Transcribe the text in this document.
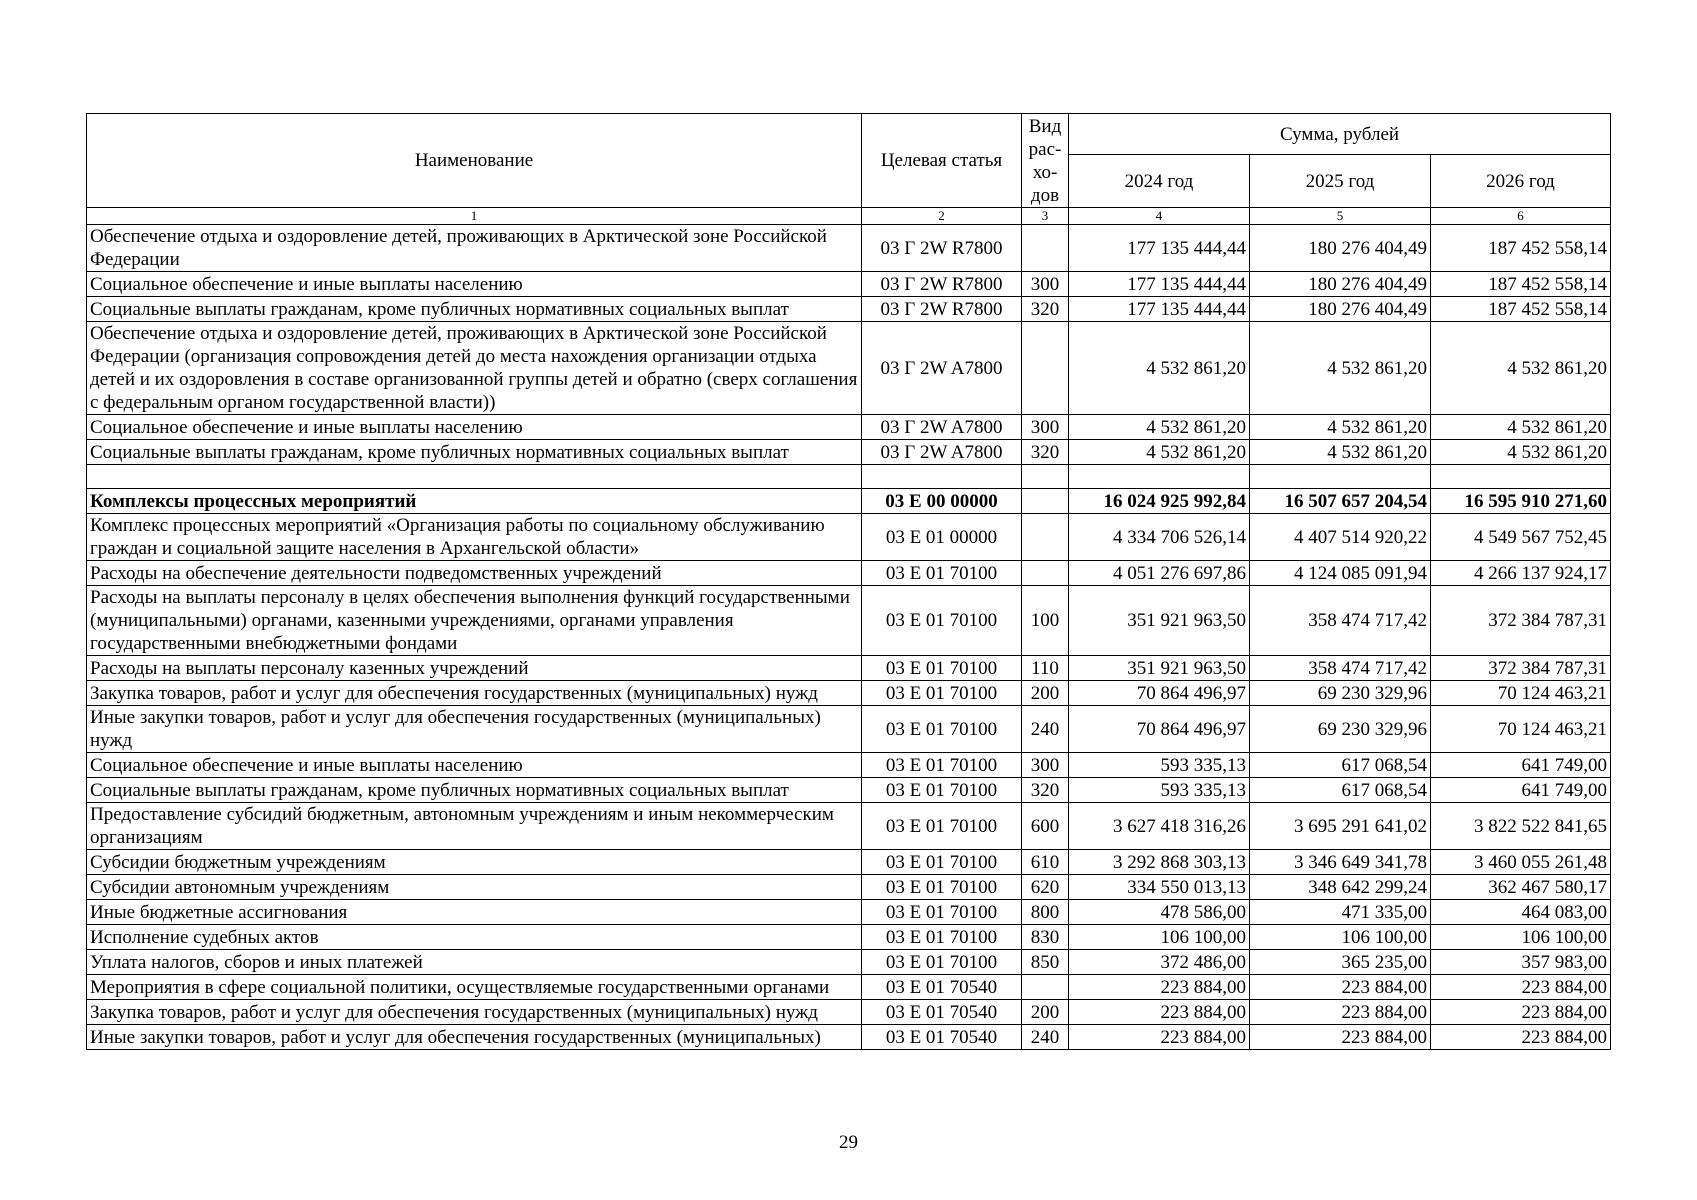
Наименование	Целевая статья	Вид рас-хо-дов	Сумма, рублей		
			2024 год	2025 год	2026 год
1	2	3	4	5	6
Обеспечение отдыха и оздоровление детей, проживающих в Арктической зоне Российской Федерации	03 Г 2W R7800		177 135 444,44	180 276 404,49	187 452 558,14
Социальное обеспечение и иные выплаты населению	03 Г 2W R7800	300	177 135 444,44	180 276 404,49	187 452 558,14
Социальные выплаты гражданам, кроме публичных нормативных социальных выплат	03 Г 2W R7800	320	177 135 444,44	180 276 404,49	187 452 558,14
Обеспечение отдыха и оздоровление детей, проживающих в Арктической зоне Российской Федерации (организация сопровождения детей до места нахождения организации отдыха детей и их оздоровления в составе организованной группы детей и обратно (сверх соглашения с федеральным органом государственной власти))	03 Г 2W A7800		4 532 861,20	4 532 861,20	4 532 861,20
Социальное обеспечение и иные выплаты населению	03 Г 2W A7800	300	4 532 861,20	4 532 861,20	4 532 861,20
Социальные выплаты гражданам, кроме публичных нормативных социальных выплат	03 Г 2W A7800	320	4 532 861,20	4 532 861,20	4 532 861,20

Комплексы процессных мероприятий	03 Е 00 00000		16 024 925 992,84	16 507 657 204,54	16 595 910 271,60
Комплекс процессных мероприятий «Организация работы по социальному обслуживанию граждан и социальной защите населения в Архангельской области»	03 Е 01 00000		4 334 706 526,14	4 407 514 920,22	4 549 567 752,45
Расходы на обеспечение деятельности подведомственных учреждений	03 Е 01 70100		4 051 276 697,86	4 124 085 091,94	4 266 137 924,17
Расходы на выплаты персоналу в целях обеспечения выполнения функций государственными (муниципальными) органами, казенными учреждениями, органами управления государственными внебюджетными фондами	03 Е 01 70100	100	351 921 963,50	358 474 717,42	372 384 787,31
Расходы на выплаты персоналу казенных учреждений	03 Е 01 70100	110	351 921 963,50	358 474 717,42	372 384 787,31
Закупка товаров, работ и услуг для обеспечения государственных (муниципальных) нужд	03 Е 01 70100	200	70 864 496,97	69 230 329,96	70 124 463,21
Иные закупки товаров, работ и услуг для обеспечения государственных (муниципальных) нужд	03 Е 01 70100	240	70 864 496,97	69 230 329,96	70 124 463,21
Социальное обеспечение и иные выплаты населению	03 Е 01 70100	300	593 335,13	617 068,54	641 749,00
Социальные выплаты гражданам, кроме публичных нормативных социальных выплат	03 Е 01 70100	320	593 335,13	617 068,54	641 749,00
Предоставление субсидий бюджетным, автономным учреждениям и иным некоммерческим организациям	03 Е 01 70100	600	3 627 418 316,26	3 695 291 641,02	3 822 522 841,65
Субсидии бюджетным учреждениям	03 Е 01 70100	610	3 292 868 303,13	3 346 649 341,78	3 460 055 261,48
Субсидии автономным учреждениям	03 Е 01 70100	620	334 550 013,13	348 642 299,24	362 467 580,17
Иные бюджетные ассигнования	03 Е 01 70100	800	478 586,00	471 335,00	464 083,00
Исполнение судебных актов	03 Е 01 70100	830	106 100,00	106 100,00	106 100,00
Уплата налогов, сборов и иных платежей	03 Е 01 70100	850	372 486,00	365 235,00	357 983,00
Мероприятия в сфере социальной политики, осуществляемые государственными органами	03 Е 01 70540		223 884,00	223 884,00	223 884,00
Закупка товаров, работ и услуг для обеспечения государственных (муниципальных) нужд	03 Е 01 70540	200	223 884,00	223 884,00	223 884,00
Иные закупки товаров, работ и услуг для обеспечения государственных (муниципальных)	03 Е 01 70540	240	223 884,00	223 884,00	223 884,00
29
